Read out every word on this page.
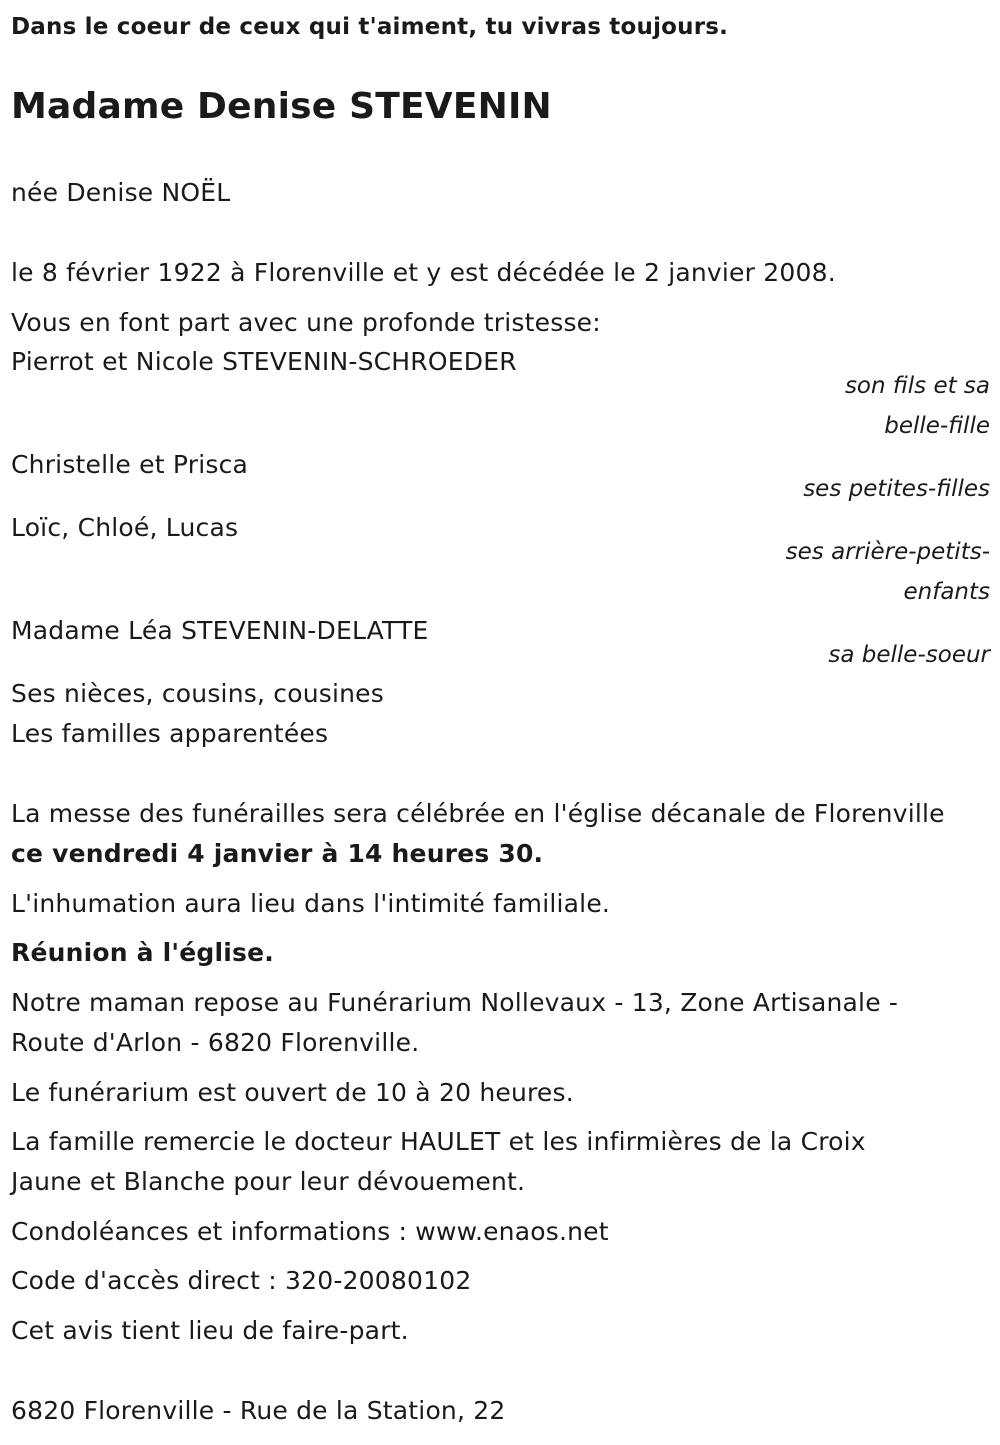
Dans le coeur de ceux qui t'aiment, tu vivras toujours.
Madame Denise STEVENIN
née Denise NOËL
le 8 février 1922 à Florenville et y est décédée le 2 janvier 2008.
Vous en font part avec une profonde tristesse:
Pierrot et Nicole STEVENIN-SCHROEDER
son fils et sa
belle-fille
Christelle et Prisca
ses petites-filles
Loïc, Chloé, Lucas
ses arrière-petits-
enfants
Madame Léa STEVENIN-DELATTE
sa belle-soeur
Ses nièces, cousins, cousines
Les familles apparentées
La messe des funérailles sera célébrée en l'église décanale de Florenville
ce vendredi 4 janvier à 14 heures 30.
L'inhumation aura lieu dans l'intimité familiale.
Réunion à l'église.
Notre maman repose au Funérarium Nollevaux - 13, Zone Artisanale -
Route d'Arlon - 6820 Florenville.
Le funérarium est ouvert de 10 à 20 heures.
La famille remercie le docteur HAULET et les infirmières de la Croix
Jaune et Blanche pour leur dévouement.
Condoléances et informations : www.enaos.net
Code d'accès direct : 320-20080102
Cet avis tient lieu de faire-part.
6820 Florenville - Rue de la Station, 22
